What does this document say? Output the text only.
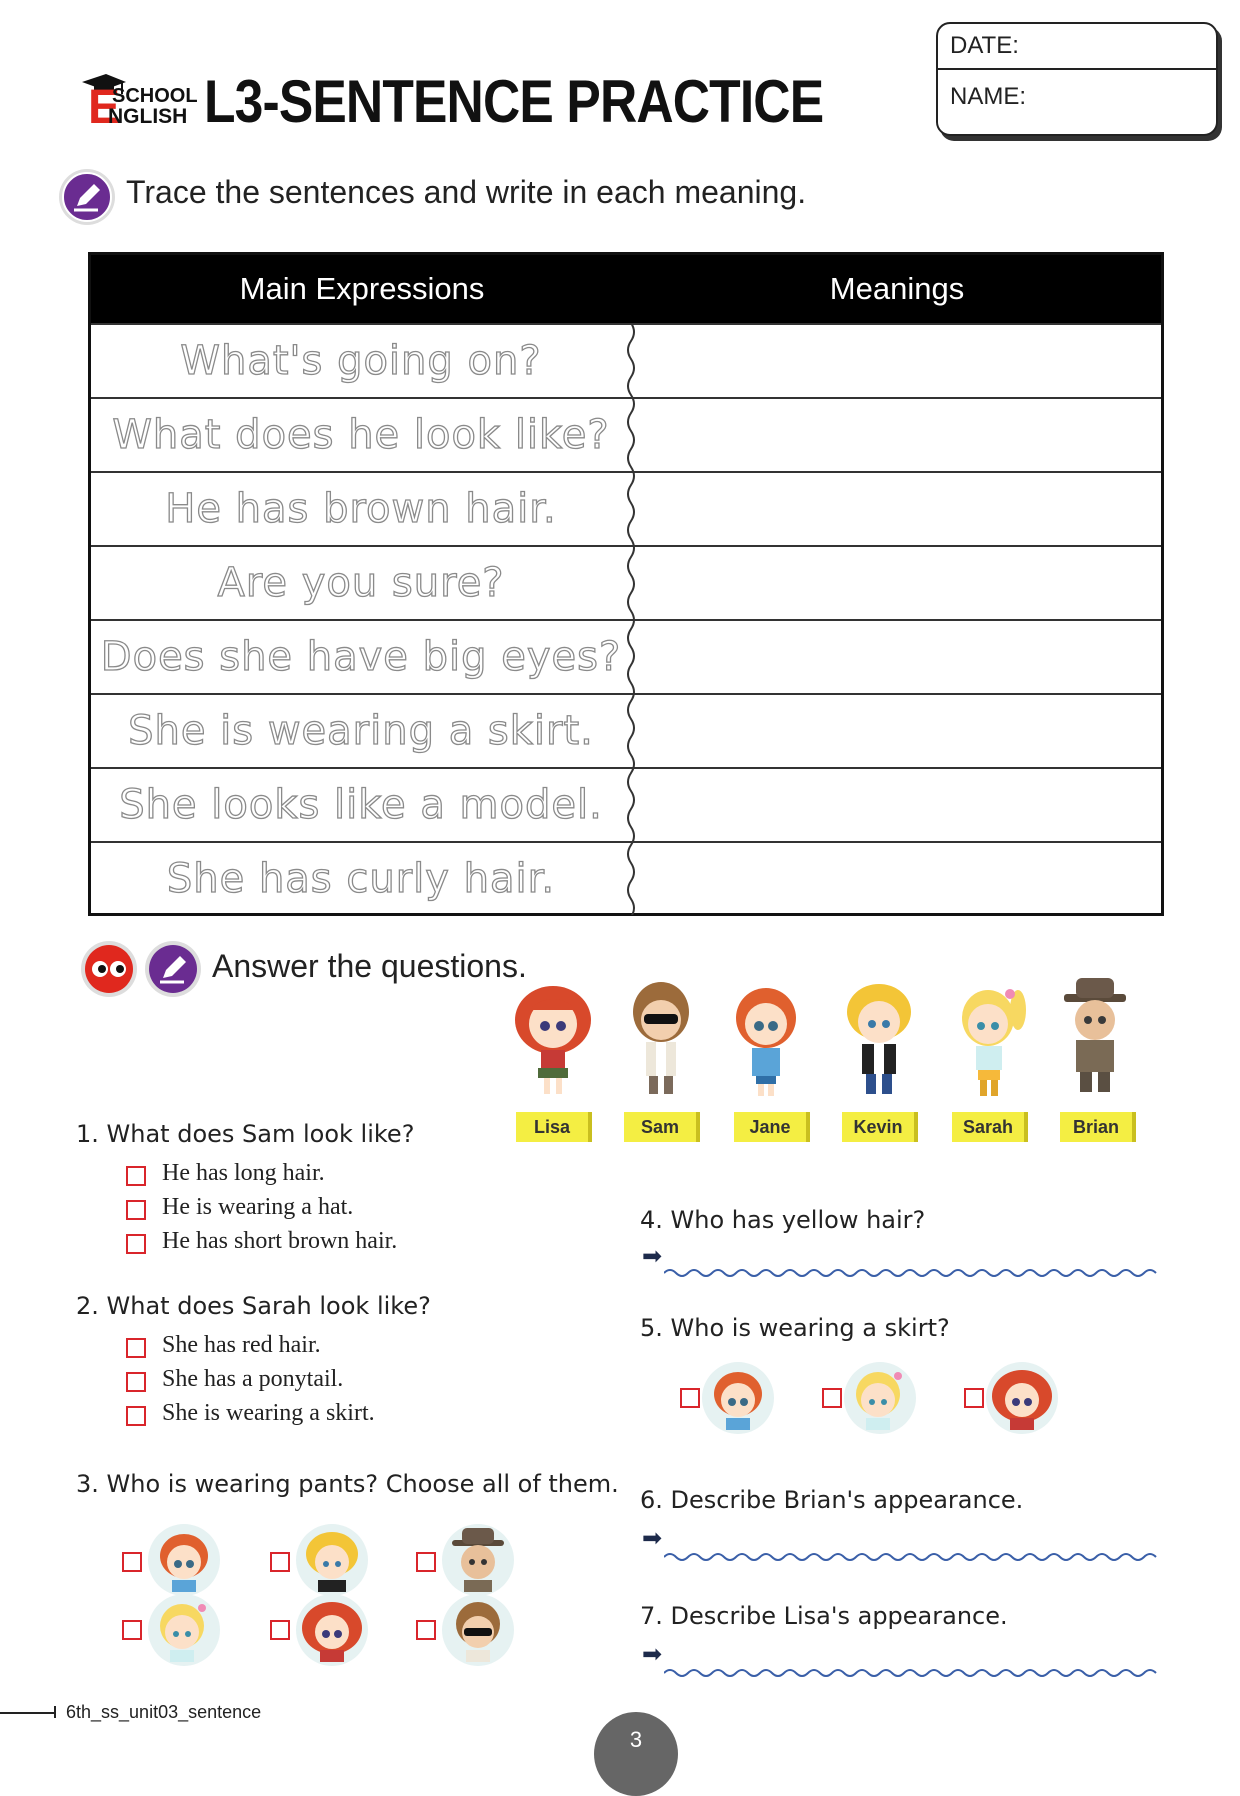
E
SCHOOL
NGLISH L3-SENTENCE PRACTICE
DATE:
NAME:
Trace the sentences and write in each meaning.
Main Expressions	Meanings
What's going on?
What does he look like?
He has brown hair.
Are you sure?
Does she have big eyes?
She is wearing a skirt.
She looks like a model.
She has curly hair.
Answer the questions.
Lisa	Sam	Jane	Kevin	Sarah	Brian
1. What does Sam look like?
He has long hair.
He is wearing a hat.
He has short brown hair.
2. What does Sarah look like?
She has red hair.
She has a ponytail.
She is wearing a skirt.
3. Who is wearing pants? Choose all of them.
4. Who has yellow hair?
➡
5. Who is wearing a skirt?
6. Describe Brian's appearance.
➡
7. Describe Lisa's appearance.
➡
6th_ss_unit03_sentence
3
